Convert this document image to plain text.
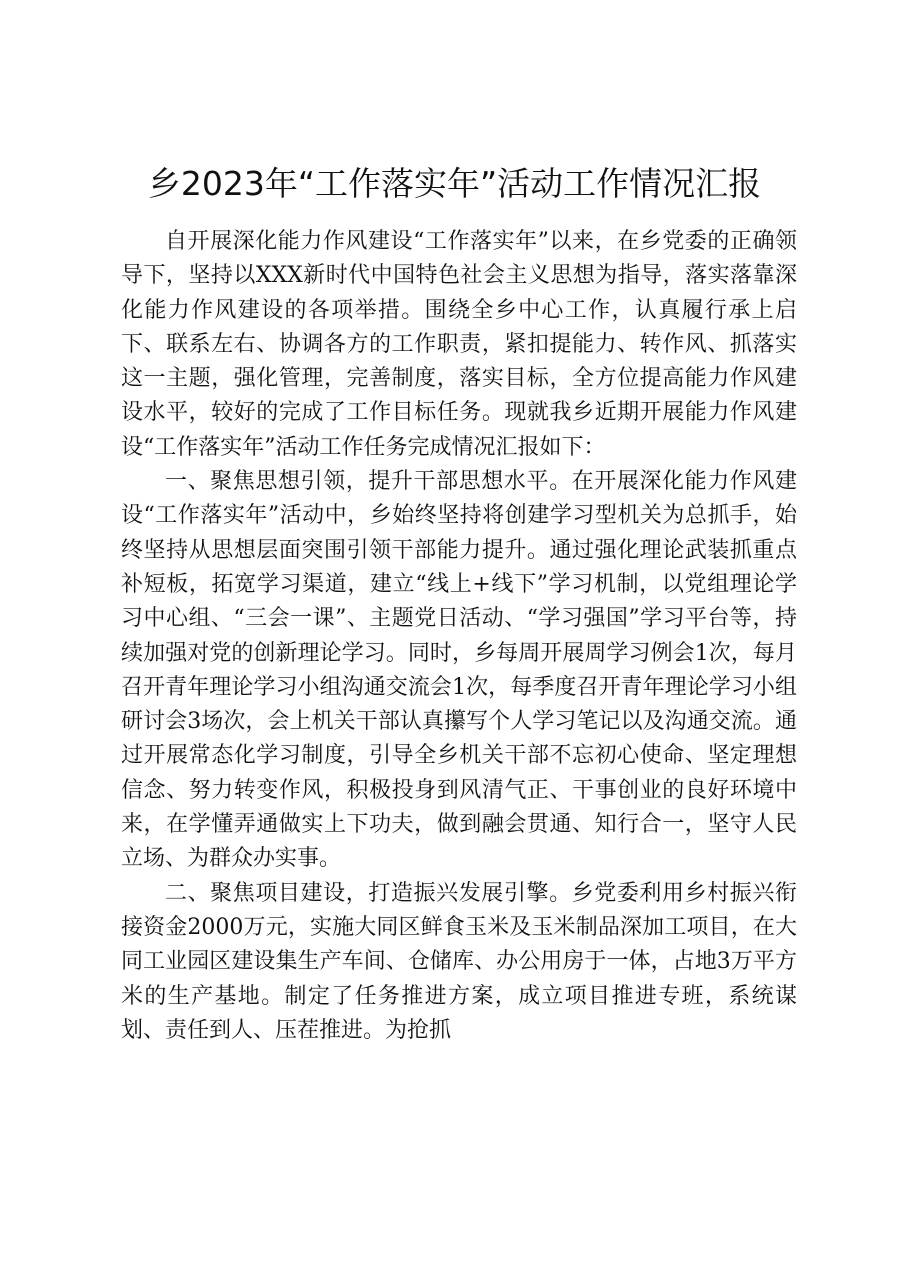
乡2023年“工作落实年”活动工作情况汇报

自开展深化能力作风建设“工作落实年”以来，在乡党委的正确领导下，坚持以XXX新时代中国特色社会主义思想为指导，落实落靠深化能力作风建设的各项举措。围绕全乡中心工作，认真履行承上启下、联系左右、协调各方的工作职责，紧扣提能力、转作风、抓落实这一主题，强化管理，完善制度，落实目标，全方位提高能力作风建设水平，较好的完成了工作目标任务。现就我乡近期开展能力作风建设“工作落实年”活动工作任务完成情况汇报如下：

一、聚焦思想引领，提升干部思想水平。在开展深化能力作风建设“工作落实年”活动中，乡始终坚持将创建学习型机关为总抓手，始终坚持从思想层面突围引领干部能力提升。通过强化理论武装抓重点补短板，拓宽学习渠道，建立“线上+线下”学习机制，以党组理论学习中心组、“三会一课”、主题党日活动、“学习强国”学习平台等，持续加强对党的创新理论学习。同时，乡每周开展周学习例会1次，每月召开青年理论学习小组沟通交流会1次，每季度召开青年理论学习小组研讨会3场次，会上机关干部认真攥写个人学习笔记以及沟通交流。通过开展常态化学习制度，引导全乡机关干部不忘初心使命、坚定理想信念、努力转变作风，积极投身到风清气正、干事创业的良好环境中来，在学懂弄通做实上下功夫，做到融会贯通、知行合一，坚守人民立场、为群众办实事。

二、聚焦项目建设，打造振兴发展引擎。乡党委利用乡村振兴衔接资金2000万元，实施大同区鲜食玉米及玉米制品深加工项目，在大同工业园区建设集生产车间、仓储库、办公用房于一体，占地3万平方米的生产基地。制定了任务推进方案，成立项目推进专班，系统谋划、责任到人、压茬推进。为抢抓
